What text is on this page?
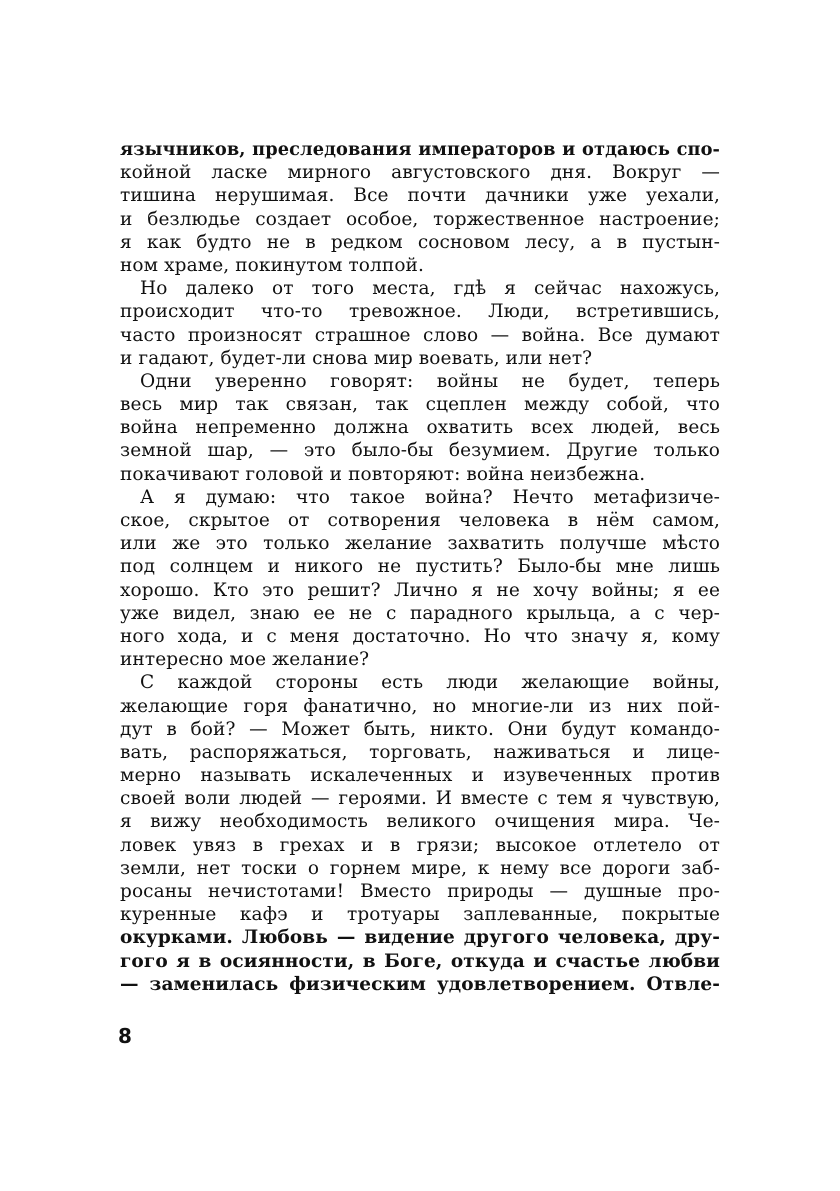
язычников, преследования императоров и отдаюсь спо-
койной ласке мирного августовского дня. Вокруг —
тишина нерушимая. Все почти дачники уже уехали,
и безлюдье создает особое, торжественное настроение;
я как будто не в редком сосновом лесу, а в пустын-
ном храме, покинутом толпой.
Но далеко от того места, гдѣ я сейчас нахожусь,
происходит что-то тревожное. Люди, встретившись,
часто произносят страшное слово — война. Все думают
и гадают, будет-ли снова мир воевать, или нет?
Одни уверенно говорят: войны не будет, теперь
весь мир так связан, так сцеплен между собой, что
война непременно должна охватить всех людей, весь
земной шар, — это было-бы безумием. Другие только
покачивают головой и повторяют: война неизбежна.
А я думаю: что такое война? Нечто метафизиче-
ское, скрытое от сотворения человека в нём самом,
или же это только желание захватить получше мѣсто
под солнцем и никого не пустить? Было-бы мне лишь
хорошо. Кто это решит? Лично я не хочу войны; я ее
уже видел, знаю ее не с парадного крыльца, а с чер-
ного хода, и с меня достаточно. Но что значу я, кому
интересно мое желание?
С каждой стороны есть люди желающие войны,
желающие горя фанатично, но многие-ли из них пой-
дут в бой? — Может быть, никто. Они будут командо-
вать, распоряжаться, торговать, наживаться и лице-
мерно называть искалеченных и изувеченных против
своей воли людей — героями. И вместе с тем я чувствую,
я вижу необходимость великого очищения мира. Че-
ловек увяз в грехах и в грязи; высокое отлетело от
земли, нет тоски о горнем мире, к нему все дороги заб-
росаны нечистотами! Вместо природы — душные про-
куренные кафэ и тротуары заплеванные, покрытые
окурками. Любовь — видение другого человека, дру-
гого я в осиянности, в Боге, откуда и счастье любви
— заменилась физическим удовлетворением. Отвле-
8
